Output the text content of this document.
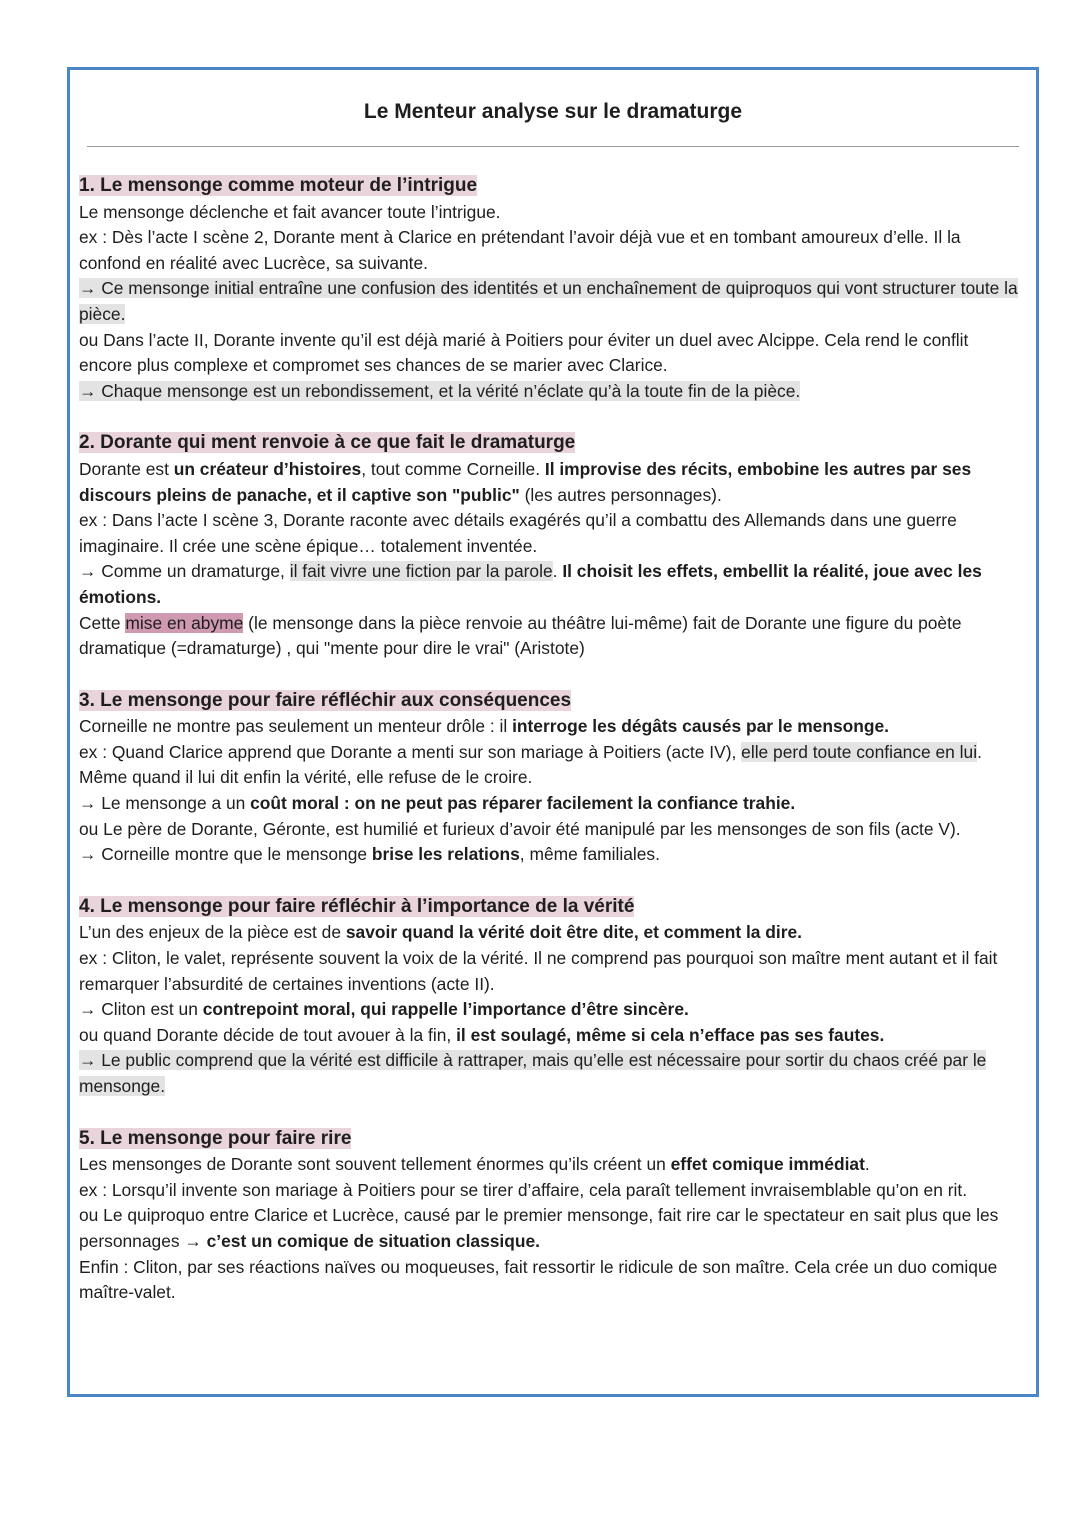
Le Menteur analyse sur le dramaturge
1. Le mensonge comme moteur de l’intrigue

Le mensonge déclenche et fait avancer toute l’intrigue.

ex : Dès l’acte I scène 2, Dorante ment à Clarice en prétendant l’avoir déjà vue et en tombant amoureux d’elle. Il la confond en réalité avec Lucrèce, sa suivante.

→ Ce mensonge initial entraîne une confusion des identités et un enchaînement de quiproquos qui vont structurer toute la pièce.

ou Dans l’acte II, Dorante invente qu’il est déjà marié à Poitiers pour éviter un duel avec Alcippe. Cela rend le conflit encore plus complexe et compromet ses chances de se marier avec Clarice.

→ Chaque mensonge est un rebondissement, et la vérité n’éclate qu’à la toute fin de la pièce.

2. Dorante qui ment renvoie à ce que fait le dramaturge

Dorante est un créateur d’histoires, tout comme Corneille. Il improvise des récits, embobine les autres par ses discours pleins de panache, et il captive son "public" (les autres personnages).

ex : Dans l’acte I scène 3, Dorante raconte avec détails exagérés qu’il a combattu des Allemands dans une guerre imaginaire. Il crée une scène épique… totalement inventée.

→ Comme un dramaturge, il fait vivre une fiction par la parole. Il choisit les effets, embellit la réalité, joue avec les émotions.

Cette mise en abyme (le mensonge dans la pièce renvoie au théâtre lui-même) fait de Dorante une figure du poète dramatique (=dramaturge) , qui "mente pour dire le vrai" (Aristote)

3. Le mensonge pour faire réfléchir aux conséquences

Corneille ne montre pas seulement un menteur drôle : il interroge les dégâts causés par le mensonge.

ex : Quand Clarice apprend que Dorante a menti sur son mariage à Poitiers (acte IV), elle perd toute confiance en lui. Même quand il lui dit enfin la vérité, elle refuse de le croire.

→ Le mensonge a un coût moral : on ne peut pas réparer facilement la confiance trahie.

ou Le père de Dorante, Géronte, est humilié et furieux d’avoir été manipulé par les mensonges de son fils (acte V).

→ Corneille montre que le mensonge brise les relations, même familiales.

4. Le mensonge pour faire réfléchir à l’importance de la vérité

L’un des enjeux de la pièce est de savoir quand la vérité doit être dite, et comment la dire.

ex : Cliton, le valet, représente souvent la voix de la vérité. Il ne comprend pas pourquoi son maître ment autant et il fait remarquer l’absurdité de certaines inventions (acte II).

→ Cliton est un contrepoint moral, qui rappelle l’importance d’être sincère.

ou quand Dorante décide de tout avouer à la fin, il est soulagé, même si cela n’efface pas ses fautes.

→ Le public comprend que la vérité est difficile à rattraper, mais qu’elle est nécessaire pour sortir du chaos créé par le mensonge.

5. Le mensonge pour faire rire

Les mensonges de Dorante sont souvent tellement énormes qu’ils créent un effet comique immédiat.

ex : Lorsqu’il invente son mariage à Poitiers pour se tirer d’affaire, cela paraît tellement invraisemblable qu’on en rit.

ou Le quiproquo entre Clarice et Lucrèce, causé par le premier mensonge, fait rire car le spectateur en sait plus que les personnages → c’est un comique de situation classique.

Enfin : Cliton, par ses réactions naïves ou moqueuses, fait ressortir le ridicule de son maître. Cela crée un duo comique maître-valet.
